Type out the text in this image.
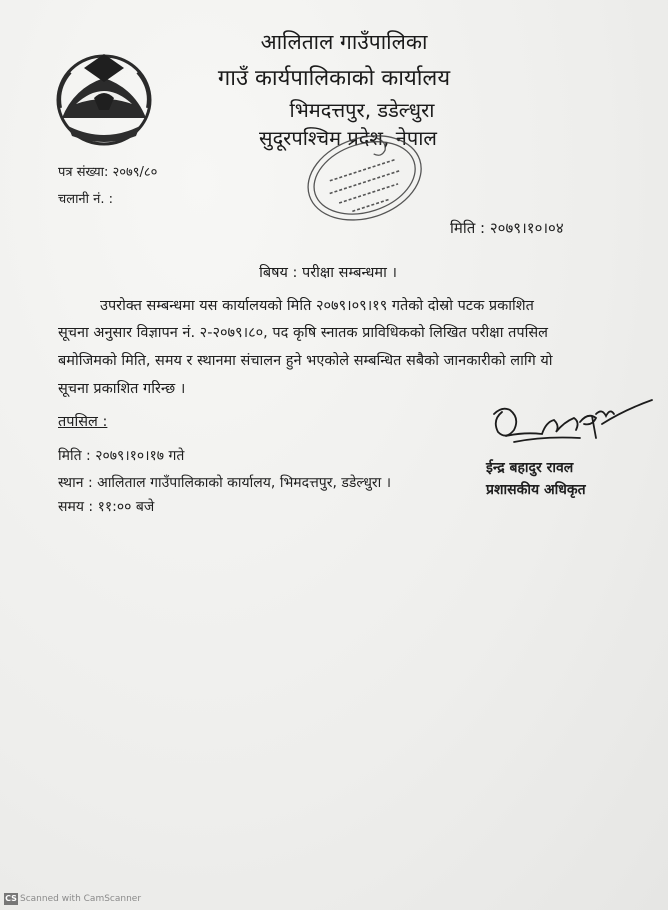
आलिताल गाउँपालिका
गाउँ कार्यपालिकाको कार्यालय
भिमदत्तपुर, डडेल्धुरा
सुदूरपश्चिम प्रदेश, नेपाल
पत्र संख्या: २०७९/८०
चलानी नं. :
मिति : २०७९।१०।०४
बिषय : परीक्षा सम्बन्धमा ।
उपरोक्त सम्बन्धमा यस कार्यालयको मिति २०७९।०९।१९ गतेको दोस्रो पटक प्रकाशित
सूचना अनुसार विज्ञापन नं. २-२०७९।८०, पद कृषि स्नातक प्राविधिकको लिखित परीक्षा तपसिल
बमोजिमको मिति, समय र स्थानमा संचालन हुने भएकोले सम्बन्धित सबैको जानकारीको लागि यो
सूचना प्रकाशित गरिन्छ ।
तपसिल :
मिति : २०७९।१०।१७ गते
स्थान : आलिताल गाउँपालिकाको कार्यालय, भिमदत्तपुर, डडेल्धुरा ।
समय : ११:०० बजे
ईन्द्र बहादुर रावल
प्रशासकीय अधिकृत
CS Scanned with CamScanner
